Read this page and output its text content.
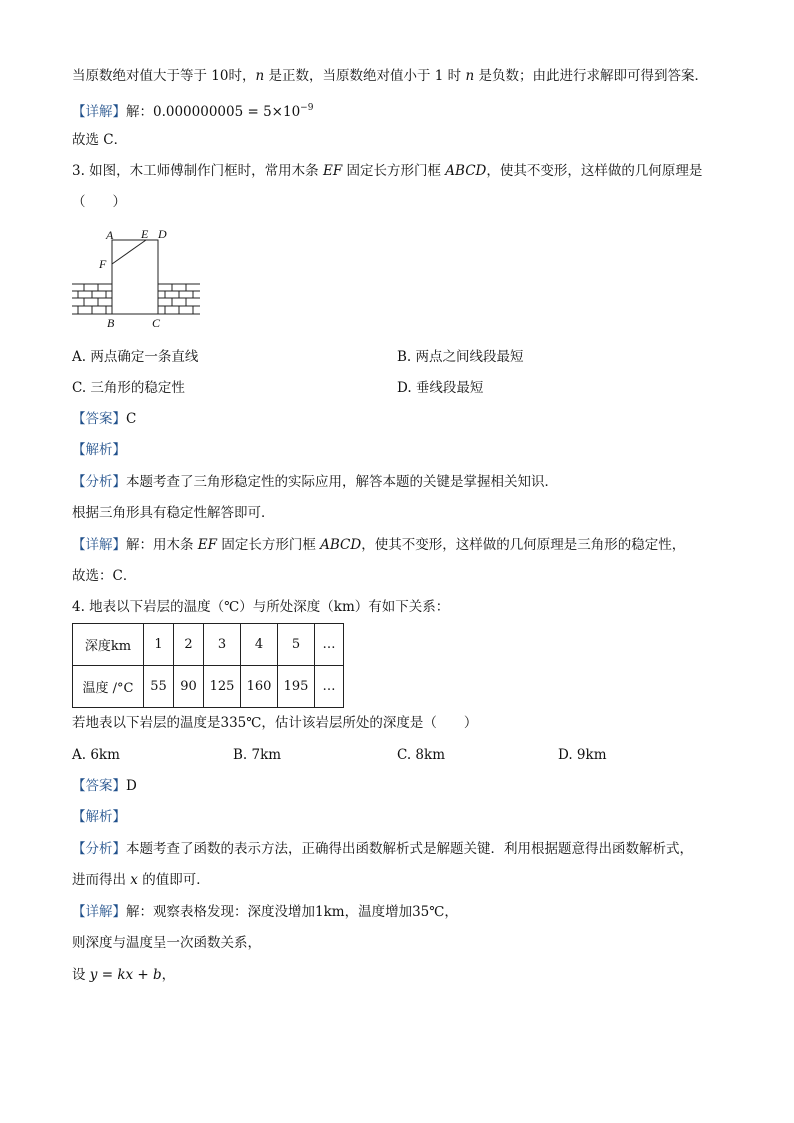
当原数绝对值大于等于 10时，n 是正数，当原数绝对值小于 1 时 n 是负数；由此进行求解即可得到答案．
【详解】解：$0.000000005 = 5\times 10^{-9}$
故选 C．
3. 如图，木工师傅制作门框时，常用木条 EF 固定长方形门框 ABCD，使其不变形，这样做的几何原理是
（　　）
A E D
F
B	C
A. 两点确定一条直线	B. 两点之间线段最短
C. 三角形的稳定性	D. 垂线段最短
【答案】C
【解析】
【分析】本题考查了三角形稳定性的实际应用，解答本题的关键是掌握相关知识．
根据三角形具有稳定性解答即可．
【详解】解：用木条 EF 固定长方形门框 ABCD，使其不变形，这样做的几何原理是三角形的稳定性，
故选：C．
4. 地表以下岩层的温度（℃）与所处深度（km）有如下关系：
深度km	1	2	3	4	5	…
温度 /°C	55	90	125	160	195	…
若地表以下岩层的温度是335℃，估计该岩层所处的深度是（　　）
A. 6km	B. 7km	C. 8km	D. 9km
【答案】D
【解析】
【分析】本题考查了函数的表示方法，正确得出函数解析式是解题关键．利用根据题意得出函数解析式，
进而得出 x 的值即可．
【详解】解：观察表格发现：深度没增加1km，温度增加35℃，
则深度与温度呈一次函数关系，
设 y = kx + b，
